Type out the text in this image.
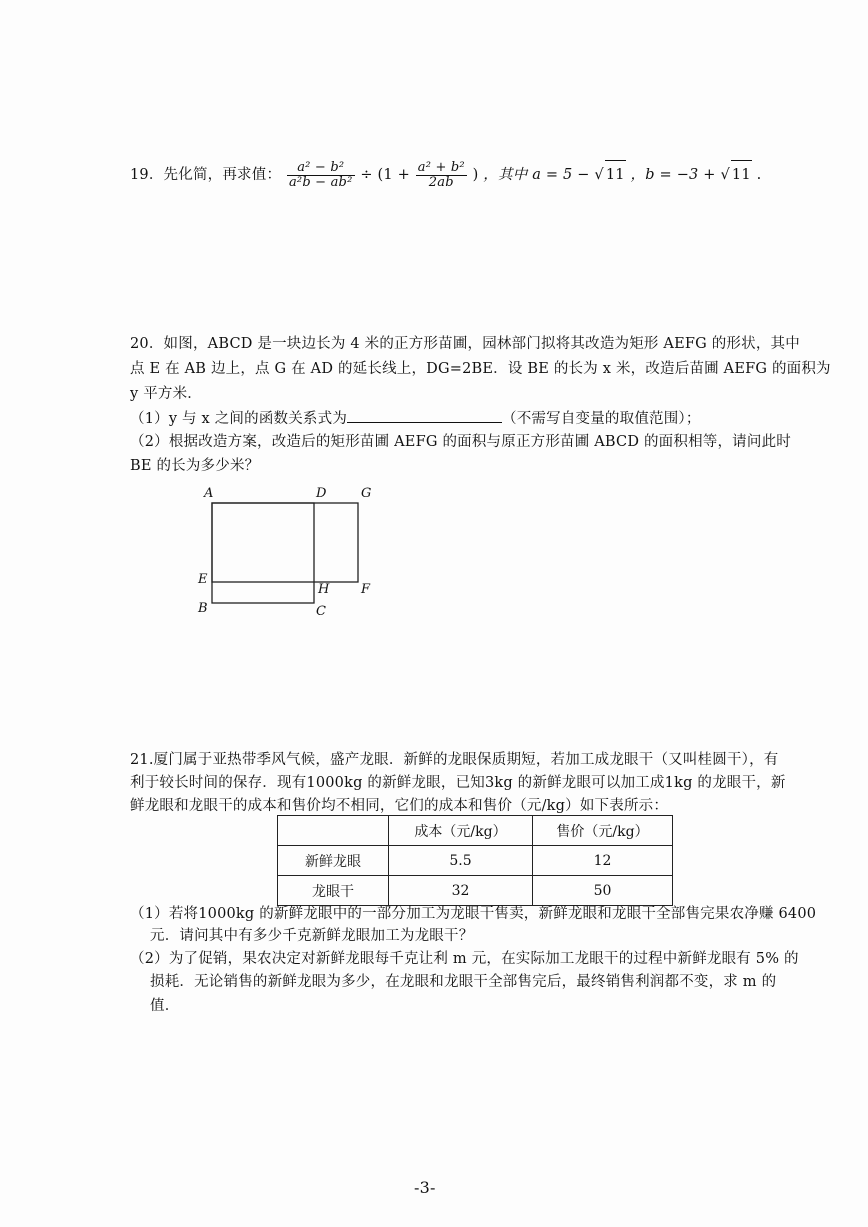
19．先化简，再求值： $\frac{\text{a² − b²}}{\text{a²b − ab²}} \div (1 + \frac{\text{a² + b²}}{2ab}$ ) ，其中 a = 5 − √ 11 ，b = −3 + √ 11 .
20．如图，ABCD 是一块边长为 4 米的正方形苗圃，园林部门拟将其改造为矩形 AEFG 的形状，其中
点 E 在 AB 边上，点 G 在 AD 的延长线上，DG=2BE．设 BE 的长为 x 米，改造后苗圃 AEFG 的面积为
y 平方米．
（1）y 与 x 之间的函数关系式为	（不需写自变量的取值范围）；
（2）根据改造方案，改造后的矩形苗圃 AEFG 的面积与原正方形苗圃 ABCD 的面积相等，请问此时
BE 的长为多少米？
A	D	G
E
H F
B	C
21.厦门属于亚热带季风气候，盛产龙眼．新鲜的龙眼保质期短，若加工成龙眼干（又叫桂圆干），有
利于较长时间的保存．现有1000kg 的新鲜龙眼，已知3kg 的新鲜龙眼可以加工成1kg 的龙眼干，新
鲜龙眼和龙眼干的成本和售价均不相同，它们的成本和售价（元/kg）如下表所示：
	成本（元/kg）	售价（元/kg）
新鲜龙眼	5.5	12
龙眼干	32	50
（1）若将1000kg 的新鲜龙眼中的一部分加工为龙眼干售卖，新鲜龙眼和龙眼干全部售完果农净赚 6400
元．请问其中有多少千克新鲜龙眼加工为龙眼干？
（2）为了促销，果农决定对新鲜龙眼每千克让利 m 元，在实际加工龙眼干的过程中新鲜龙眼有 5% 的
损耗．无论销售的新鲜龙眼为多少，在龙眼和龙眼干全部售完后，最终销售利润都不变，求 m 的
值．
-3-
